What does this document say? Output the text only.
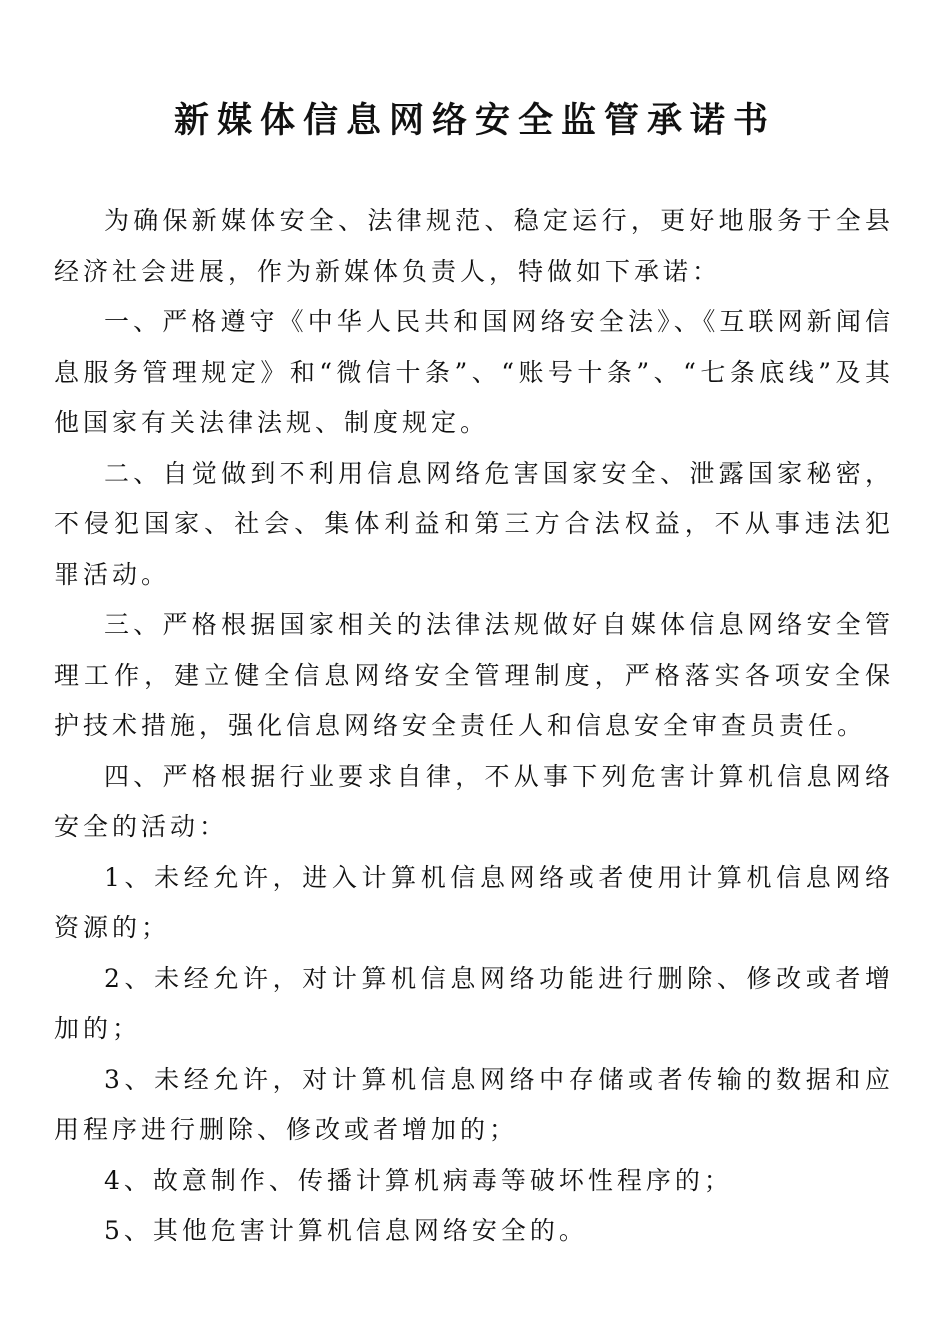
新媒体信息网络安全监管承诺书

为确保新媒体安全、法律规范、稳定运行，更好地服务于全县经济社会进展，作为新媒体负责人，特做如下承诺：

一、严格遵守《中华人民共和国网络安全法》、《互联网新闻信息服务管理规定》和“微信十条”、“账号十条”、“七条底线”及其他国家有关法律法规、制度规定。

二、自觉做到不利用信息网络危害国家安全、泄露国家秘密，不侵犯国家、社会、集体利益和第三方合法权益，不从事违法犯罪活动。

三、严格根据国家相关的法律法规做好自媒体信息网络安全管理工作，建立健全信息网络安全管理制度，严格落实各项安全保护技术措施，强化信息网络安全责任人和信息安全审查员责任。

四、严格根据行业要求自律，不从事下列危害计算机信息网络安全的活动：

1、未经允许，进入计算机信息网络或者使用计算机信息网络资源的；

2、未经允许，对计算机信息网络功能进行删除、修改或者增加的；

3、未经允许，对计算机信息网络中存储或者传输的数据和应用程序进行删除、修改或者增加的；

4、故意制作、传播计算机病毒等破坏性程序的；

5、其他危害计算机信息网络安全的。
